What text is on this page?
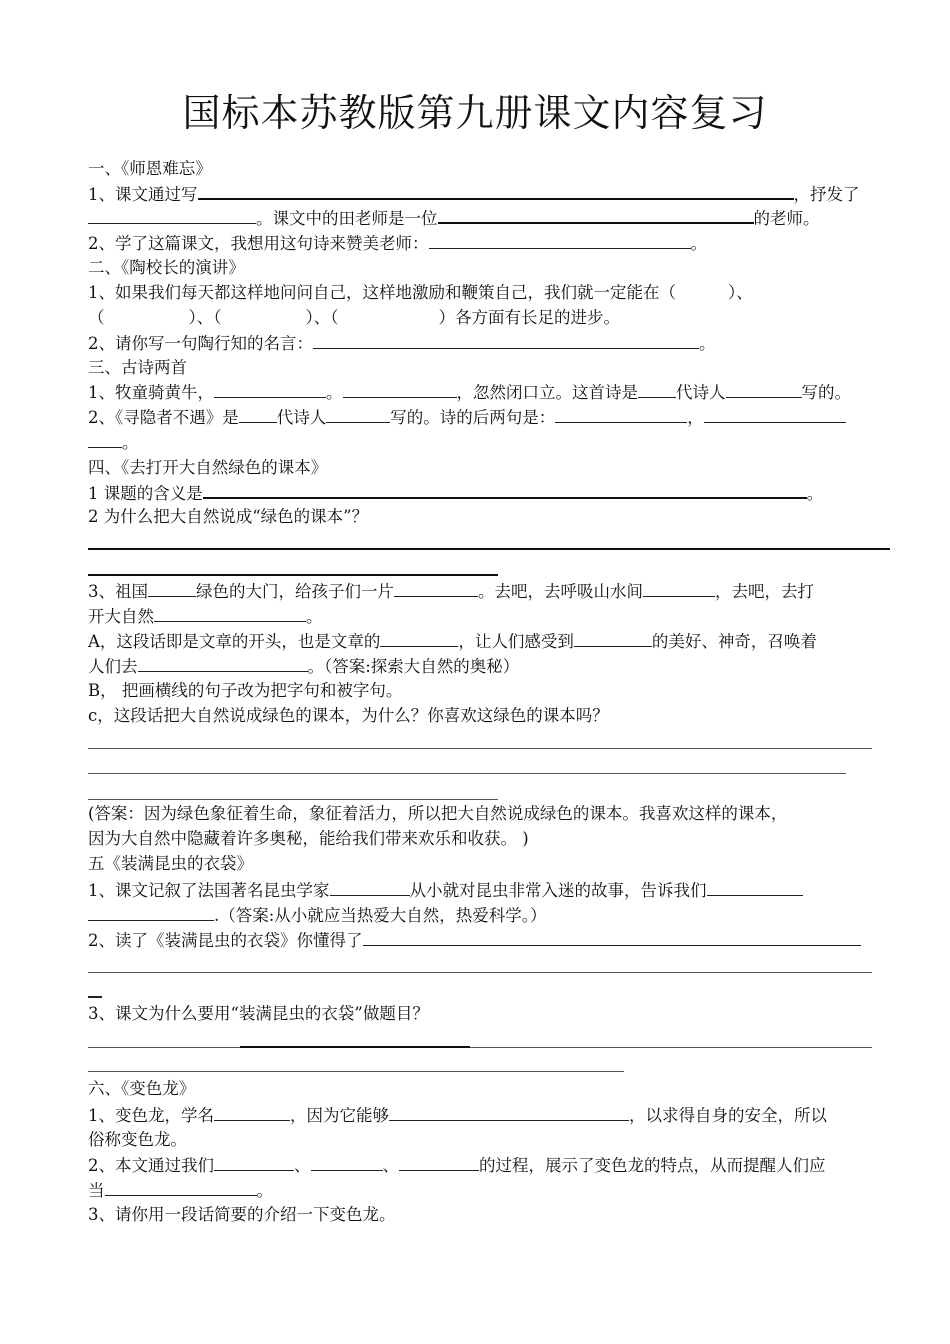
国标本苏教版第九册课文内容复习
一、《师恩难忘》
1、课文通过写	，抒发了
。课文中的田老师是一位	的老师。
2、学了这篇课文，我想用这句诗来赞美老师：	。
二、《陶校长的演讲》
1、如果我们每天都这样地问问自己，这样地激励和鞭策自己，我们就一定能在（	）、
（	）、（	）、（	）各方面有长足的进步。
2、请你写一句陶行知的名言：	。
三、古诗两首
1、牧童骑黄牛，	。	，忽然闭口立。这首诗是 代诗人	写的。
2、《寻隐者不遇》是 代诗人	写的。诗的后两句是：	，
。
四、《去打开大自然绿色的课本》
1 课题的含义是	。
2 为什么把大自然说成“绿色的课本”？
3、祖国	绿色的大门，给孩子们一片	。去吧，去呼吸山水间	，去吧，去打
开大自然	。
A，这段话即是文章的开头，也是文章的	，让人们感受到	的美好、神奇，召唤着
人们去	。（答案:探索大自然的奥秘）
B， 把画横线的句子改为把字句和被字句。
c，这段话把大自然说成绿色的课本，为什么？你喜欢这绿色的课本吗？
(答案：因为绿色象征着生命，象征着活力，所以把大自然说成绿色的课本。我喜欢这样的课本，
因为大自然中隐藏着许多奥秘，能给我们带来欢乐和收获。 )
五《装满昆虫的衣袋》
1、课文记叙了法国著名昆虫学家	从小就对昆虫非常入迷的故事，告诉我们
.（答案:从小就应当热爱大自然，热爱科学。）
2、读了《装满昆虫的衣袋》你懂得了
3、课文为什么要用“装满昆虫的衣袋”做题目？
六、《变色龙》
1、变色龙，学名	，因为它能够	，以求得自身的安全，所以
俗称变色龙。
2、本文通过我们	、	、	的过程，展示了变色龙的特点，从而提醒人们应
当	。
3、请你用一段话简要的介绍一下变色龙。
